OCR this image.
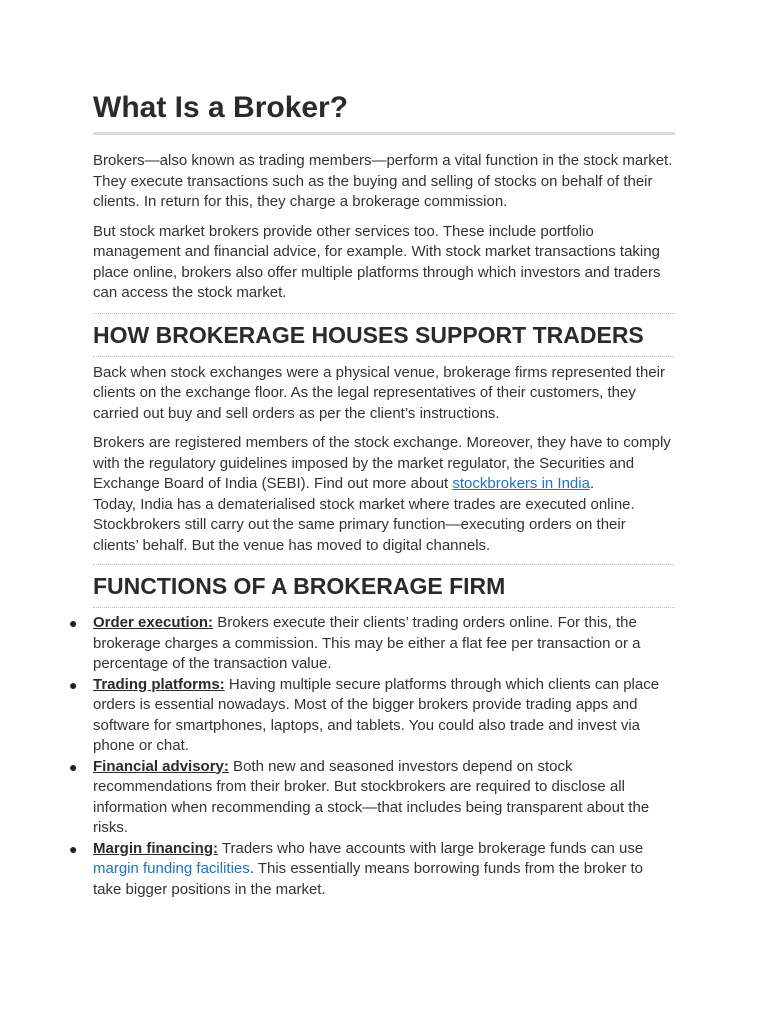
What Is a Broker?

Brokers—also known as trading members—perform a vital function in the stock market. They execute transactions such as the buying and selling of stocks on behalf of their clients. In return for this, they charge a brokerage commission.

But stock market brokers provide other services too. These include portfolio management and financial advice, for example. With stock market transactions taking place online, brokers also offer multiple platforms through which investors and traders can access the stock market.

HOW BROKERAGE HOUSES SUPPORT TRADERS

Back when stock exchanges were a physical venue, brokerage firms represented their clients on the exchange floor. As the legal representatives of their customers, they carried out buy and sell orders as per the client’s instructions.

Brokers are registered members of the stock exchange. Moreover, they have to comply with the regulatory guidelines imposed by the market regulator, the Securities and Exchange Board of India (SEBI). Find out more about stockbrokers in India.

Today, India has a dematerialised stock market where trades are executed online. Stockbrokers still carry out the same primary function—executing orders on their clients’ behalf. But the venue has moved to digital channels.

FUNCTIONS OF A BROKERAGE FIRM
● Order execution: Brokers execute their clients’ trading orders online. For this, the brokerage charges a commission. This may be either a flat fee per transaction or a percentage of the transaction value.
● Trading platforms: Having multiple secure platforms through which clients can place orders is essential nowadays. Most of the bigger brokers provide trading apps and software for smartphones, laptops, and tablets. You could also trade and invest via phone or chat.
● Financial advisory: Both new and seasoned investors depend on stock recommendations from their broker. But stockbrokers are required to disclose all information when recommending a stock—that includes being transparent about the risks.
● Margin financing: Traders who have accounts with large brokerage funds can use margin funding facilities. This essentially means borrowing funds from the broker to take bigger positions in the market.
